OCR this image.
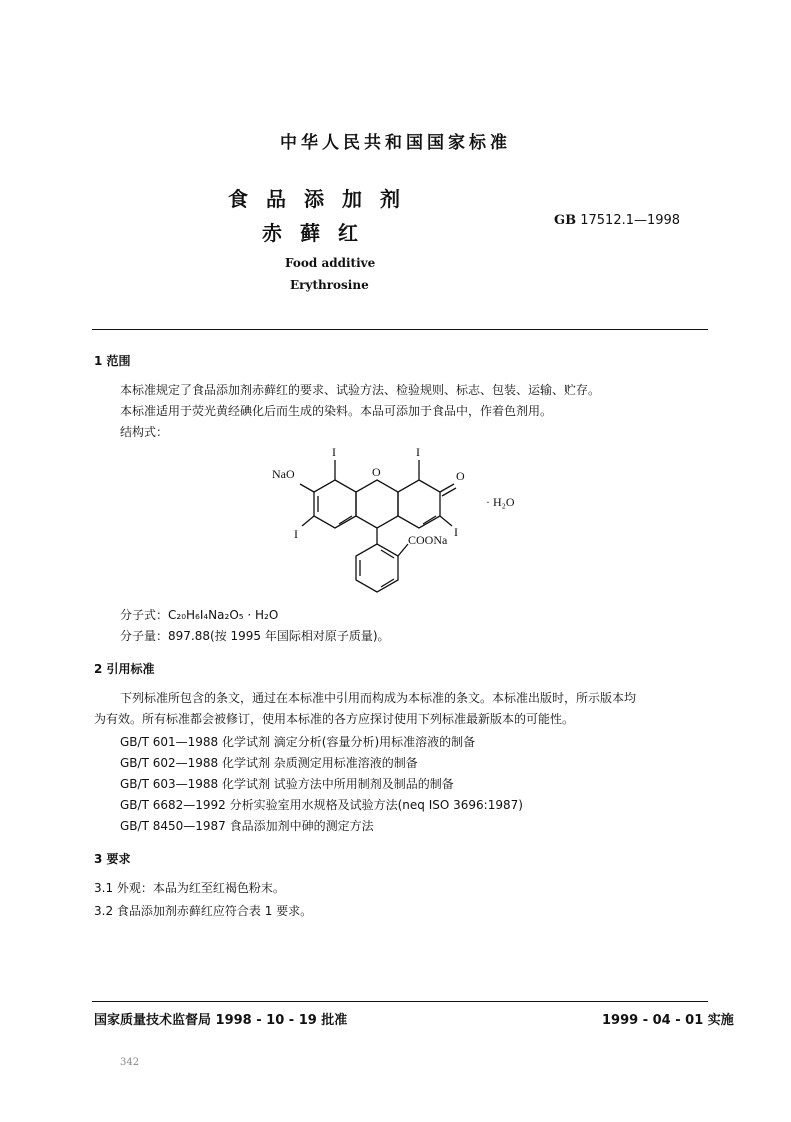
中华人民共和国国家标准
食品添加剂
赤藓红
GB 17512.1—1998
Food additive
Erythrosine
1 范围
本标准规定了食品添加剂赤藓红的要求、试验方法、检验规则、标志、包装、运输、贮存。
本标准适用于荧光黄经碘化后而生成的染料。本品可添加于食品中，作着色剂用。
结构式：
NaO
I	I
O	O
I	I
COONa
· H₂O
分子式：C₂₀H₆I₄Na₂O₅ · H₂O
分子量：897.88(按 1995 年国际相对原子质量)。
2 引用标准
下列标准所包含的条文，通过在本标准中引用而构成为本标准的条文。本标准出版时，所示版本均
为有效。所有标准都会被修订，使用本标准的各方应探讨使用下列标准最新版本的可能性。
GB/T 601—1988 化学试剂 滴定分析(容量分析)用标准溶液的制备
GB/T 602—1988 化学试剂 杂质测定用标准溶液的制备
GB/T 603—1988 化学试剂 试验方法中所用制剂及制品的制备
GB/T 6682—1992 分析实验室用水规格及试验方法(neq ISO 3696:1987)
GB/T 8450—1987 食品添加剂中砷的测定方法
3 要求
3.1 外观：本品为红至红褐色粉末。
3.2 食品添加剂赤藓红应符合表 1 要求。
国家质量技术监督局 1998 - 10 - 19 批准	1999 - 04 - 01 实施
342
